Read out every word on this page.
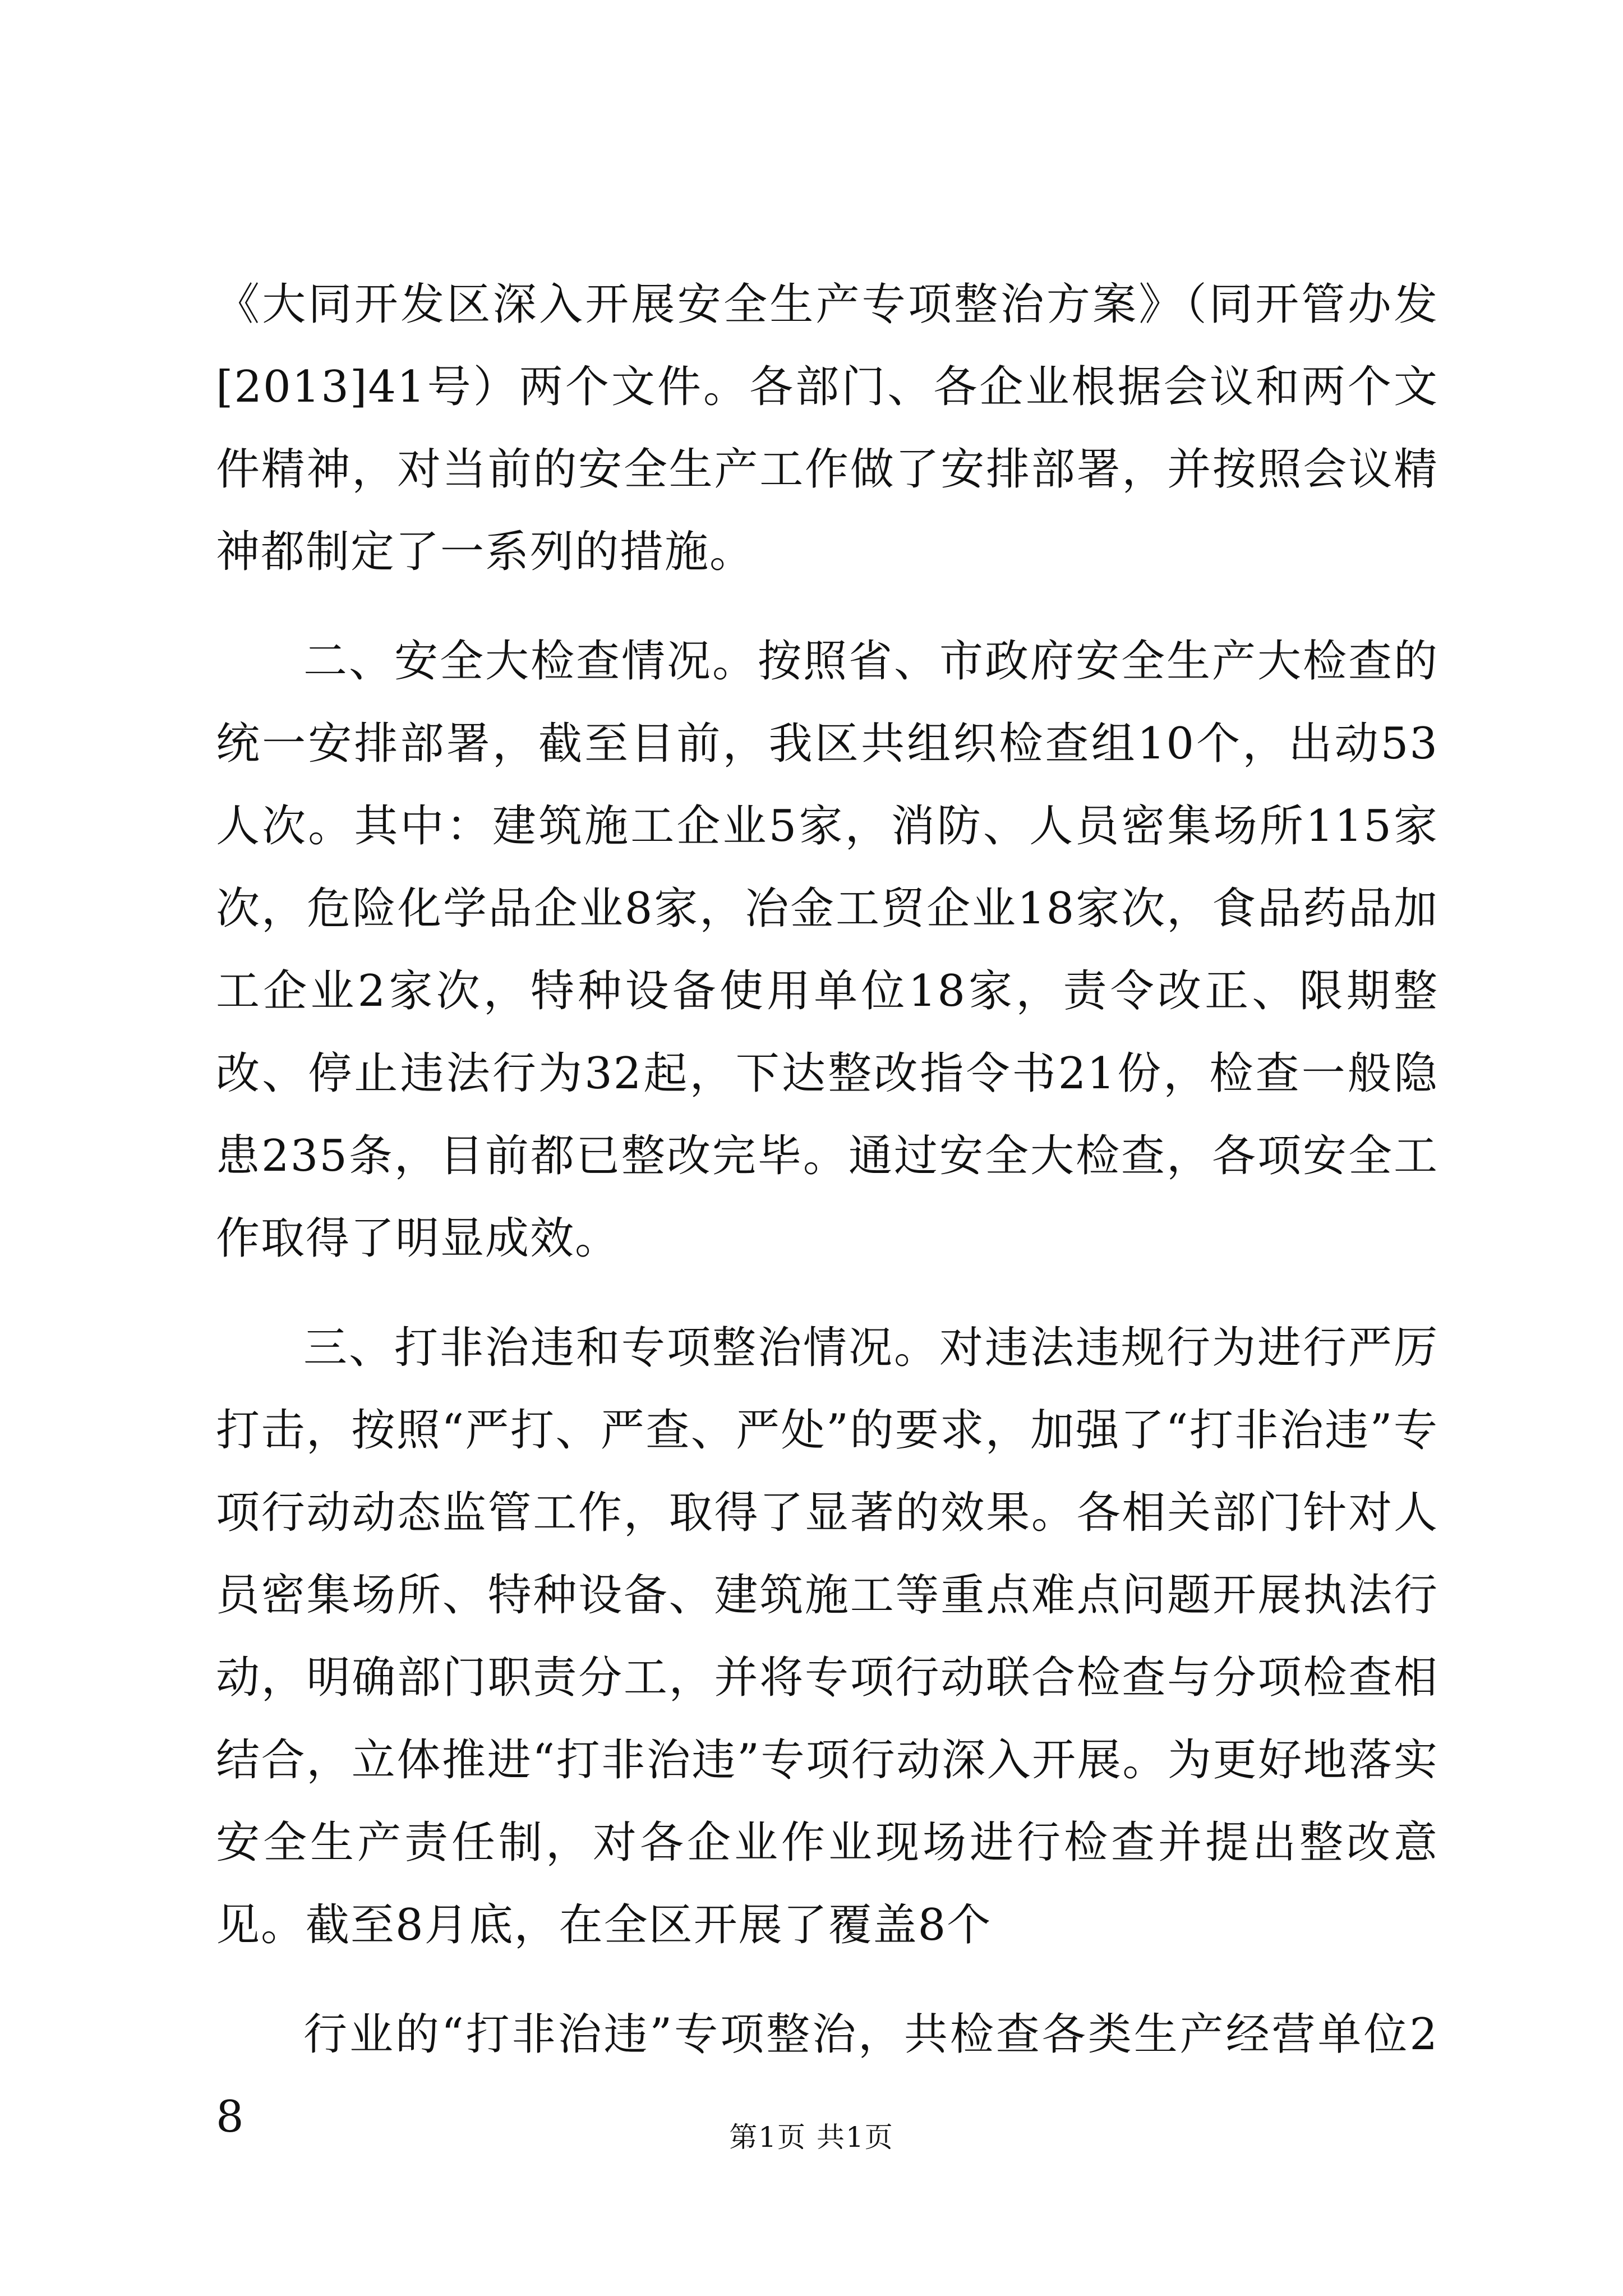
《大同开发区深入开展安全生产专项整治方案》（同开管办发[2013]41号）两个文件。各部门、各企业根据会议和两个文件精神，对当前的安全生产工作做了安排部署，并按照会议精神都制定了一系列的措施。

二、安全大检查情况。按照省、市政府安全生产大检查的统一安排部署，截至目前，我区共组织检查组10个，出动53人次。其中：建筑施工企业5家，消防、人员密集场所115家次，危险化学品企业8家，冶金工贸企业18家次，食品药品加工企业2家次，特种设备使用单位18家，责令改正、限期整改、停止违法行为32起，下达整改指令书21份，检查一般隐患235条，目前都已整改完毕。通过安全大检查，各项安全工作取得了明显成效。

三、打非治违和专项整治情况。对违法违规行为进行严厉打击，按照“严打、严查、严处”的要求，加强了“打非治违”专项行动动态监管工作，取得了显著的效果。各相关部门针对人员密集场所、特种设备、建筑施工等重点难点问题开展执法行动，明确部门职责分工，并将专项行动联合检查与分项检查相结合，立体推进“打非治违”专项行动深入开展。为更好地落实安全生产责任制，对各企业作业现场进行检查并提出整改意见。截至8月底，在全区开展了覆盖8个

行业的“打非治违”专项整治，共检查各类生产经营单位28	第1页 共1页
